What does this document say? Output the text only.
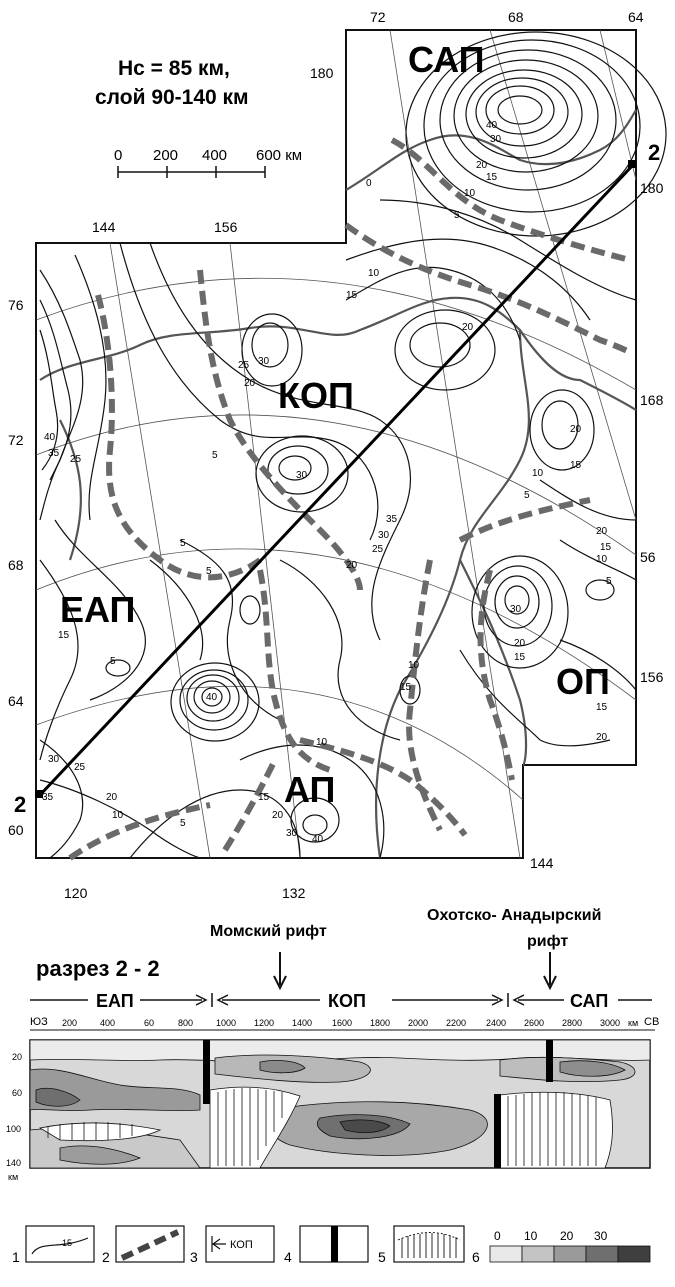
2
2
Hc = 85 км,
слой 90-140 км
0 200 400 600 км
САП
КОП
ЕАП
ОП
АП
72	68	64
144	156
180
120	132
144
76
72
68
64
60
180
168
56
156
40
30
20
15
10
5
0
10
15
20
25 30
20
40
35
25	5
30
20
15
10
5
35
30
25
20
20
15
10
5
5
5
30
20
15
15
5
40
15
10
15
20
30
25
20
10
35
5
15
20
30
40
10
Момский рифт
Охотско- Анадырский
рифт
разрез 2 - 2
ЕАП	КОП	САП
ЮЗ	СВ
200	400	60	800	1000 1200 1400 1600 1800 2000 2200 2400 2600 2800 3000 км
20
60
100
140
км
1
15
2	3
КОП
4	5	6
0 10 20 30
